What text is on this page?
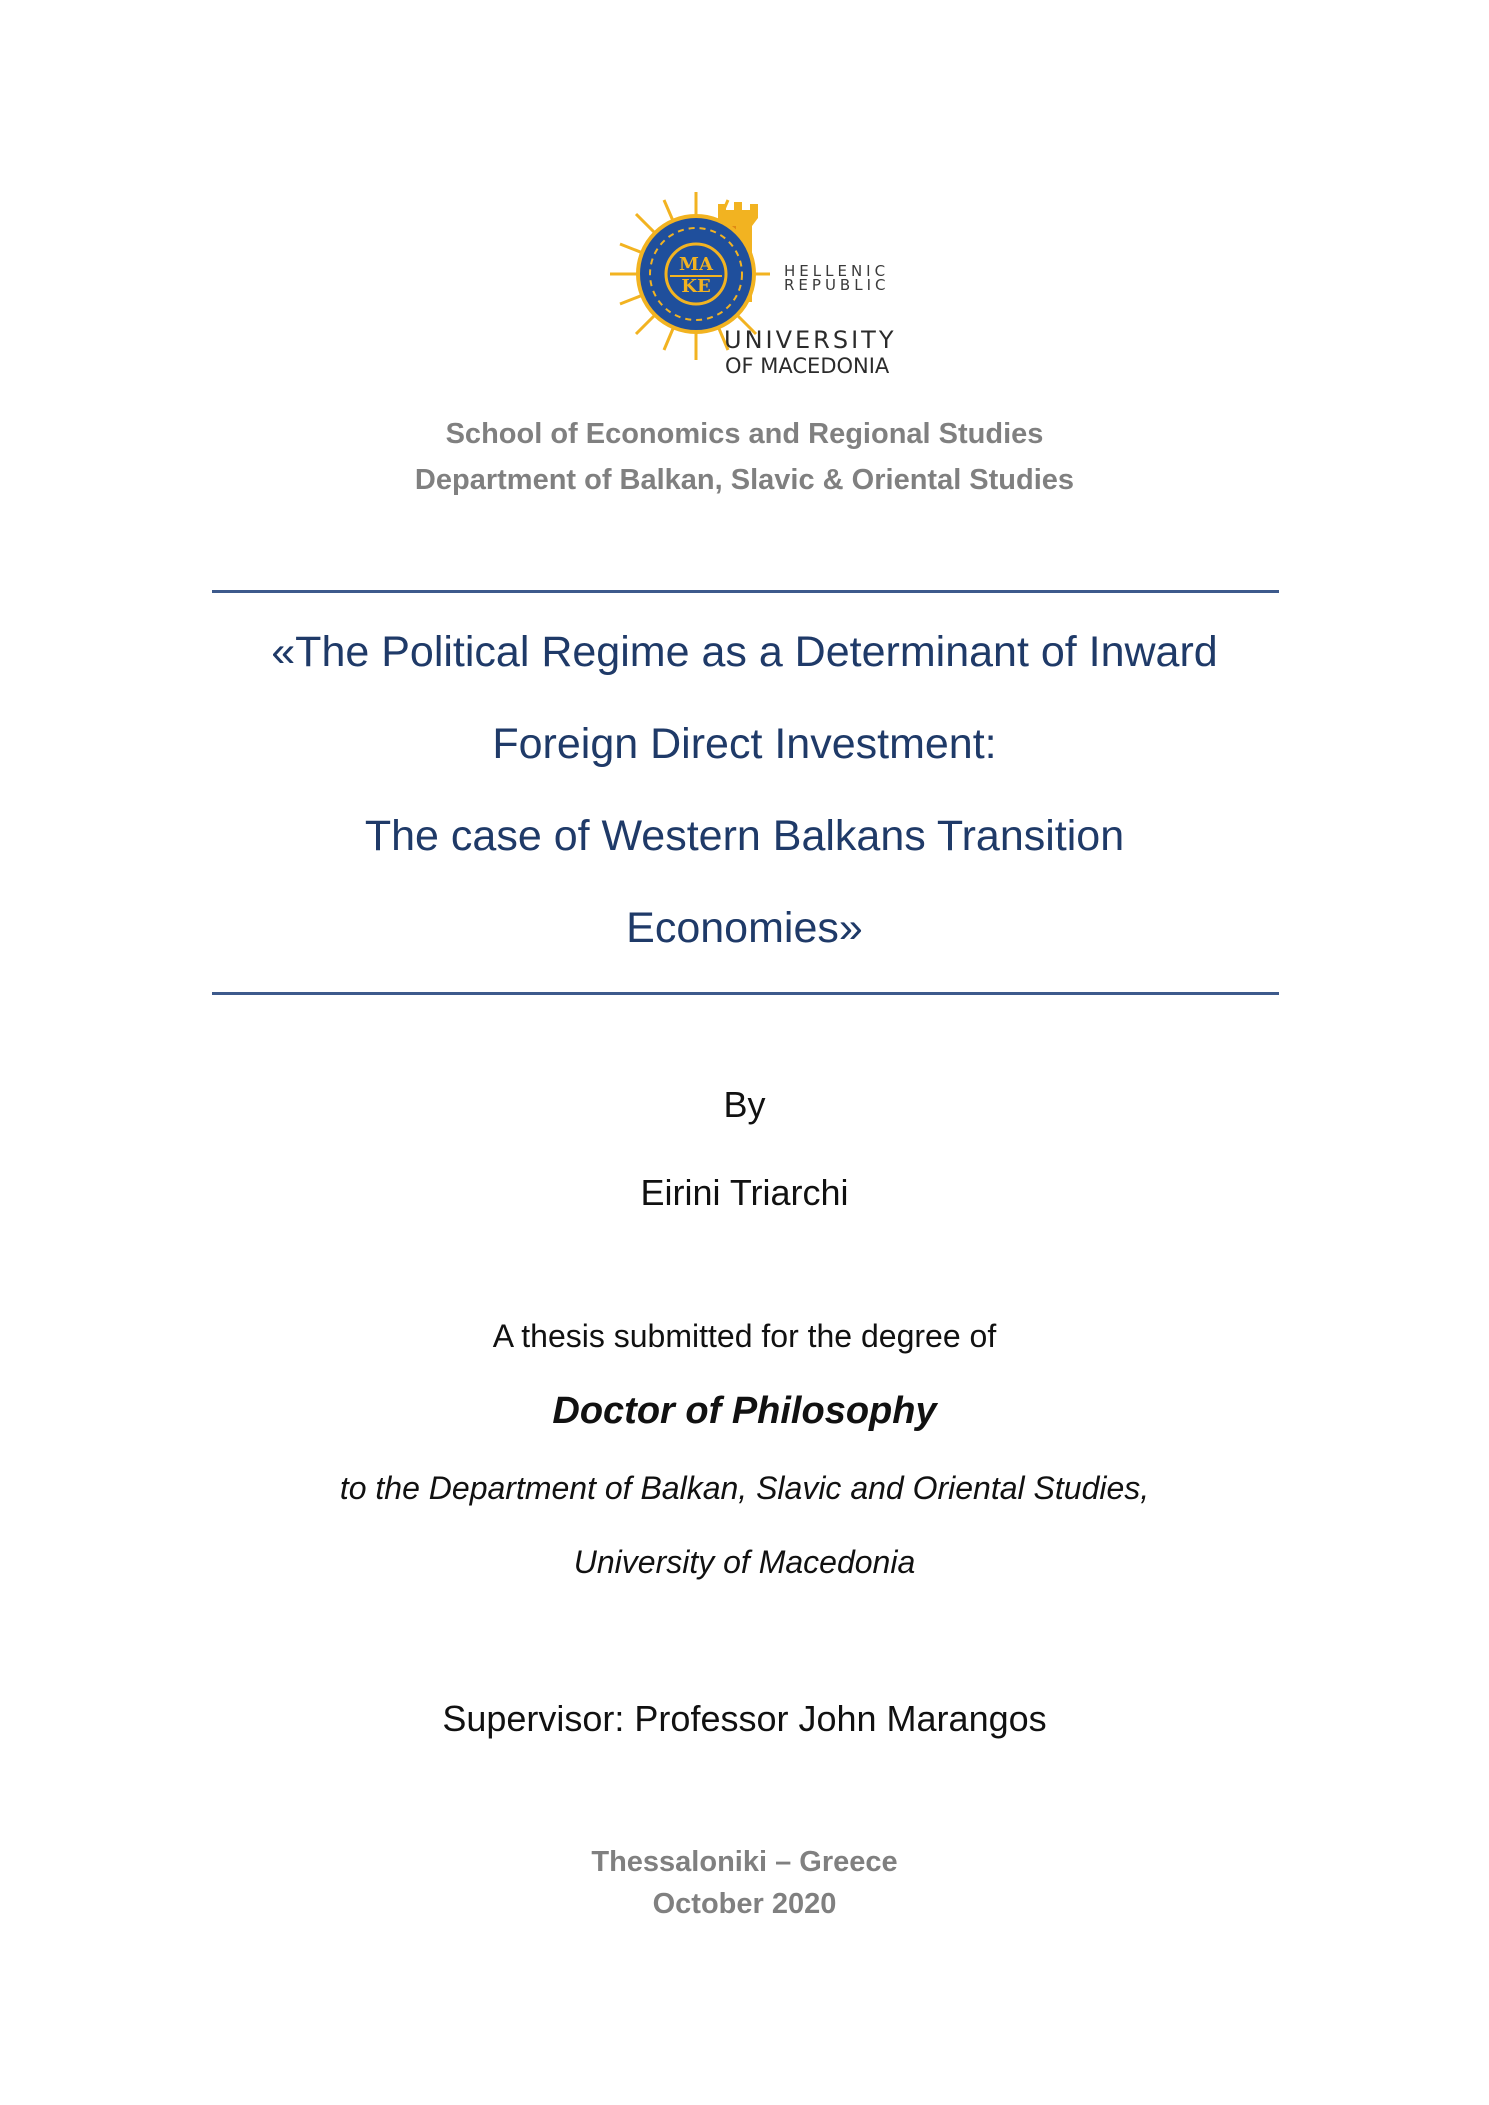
MA
KE
HELLENIC
REPUBLIC
UNIVERSITY
OF MACEDONIA
School of Economics and Regional Studies
Department of Balkan, Slavic & Oriental Studies
«The Political Regime as a Determinant of Inward
Foreign Direct Investment:
The case of Western Balkans Transition
Economies»
By
Eirini Triarchi
A thesis submitted for the degree of
Doctor of Philosophy
to the Department of Balkan, Slavic and Oriental Studies,
University of Macedonia
Supervisor: Professor John Marangos
Thessaloniki – Greece
October 2020
